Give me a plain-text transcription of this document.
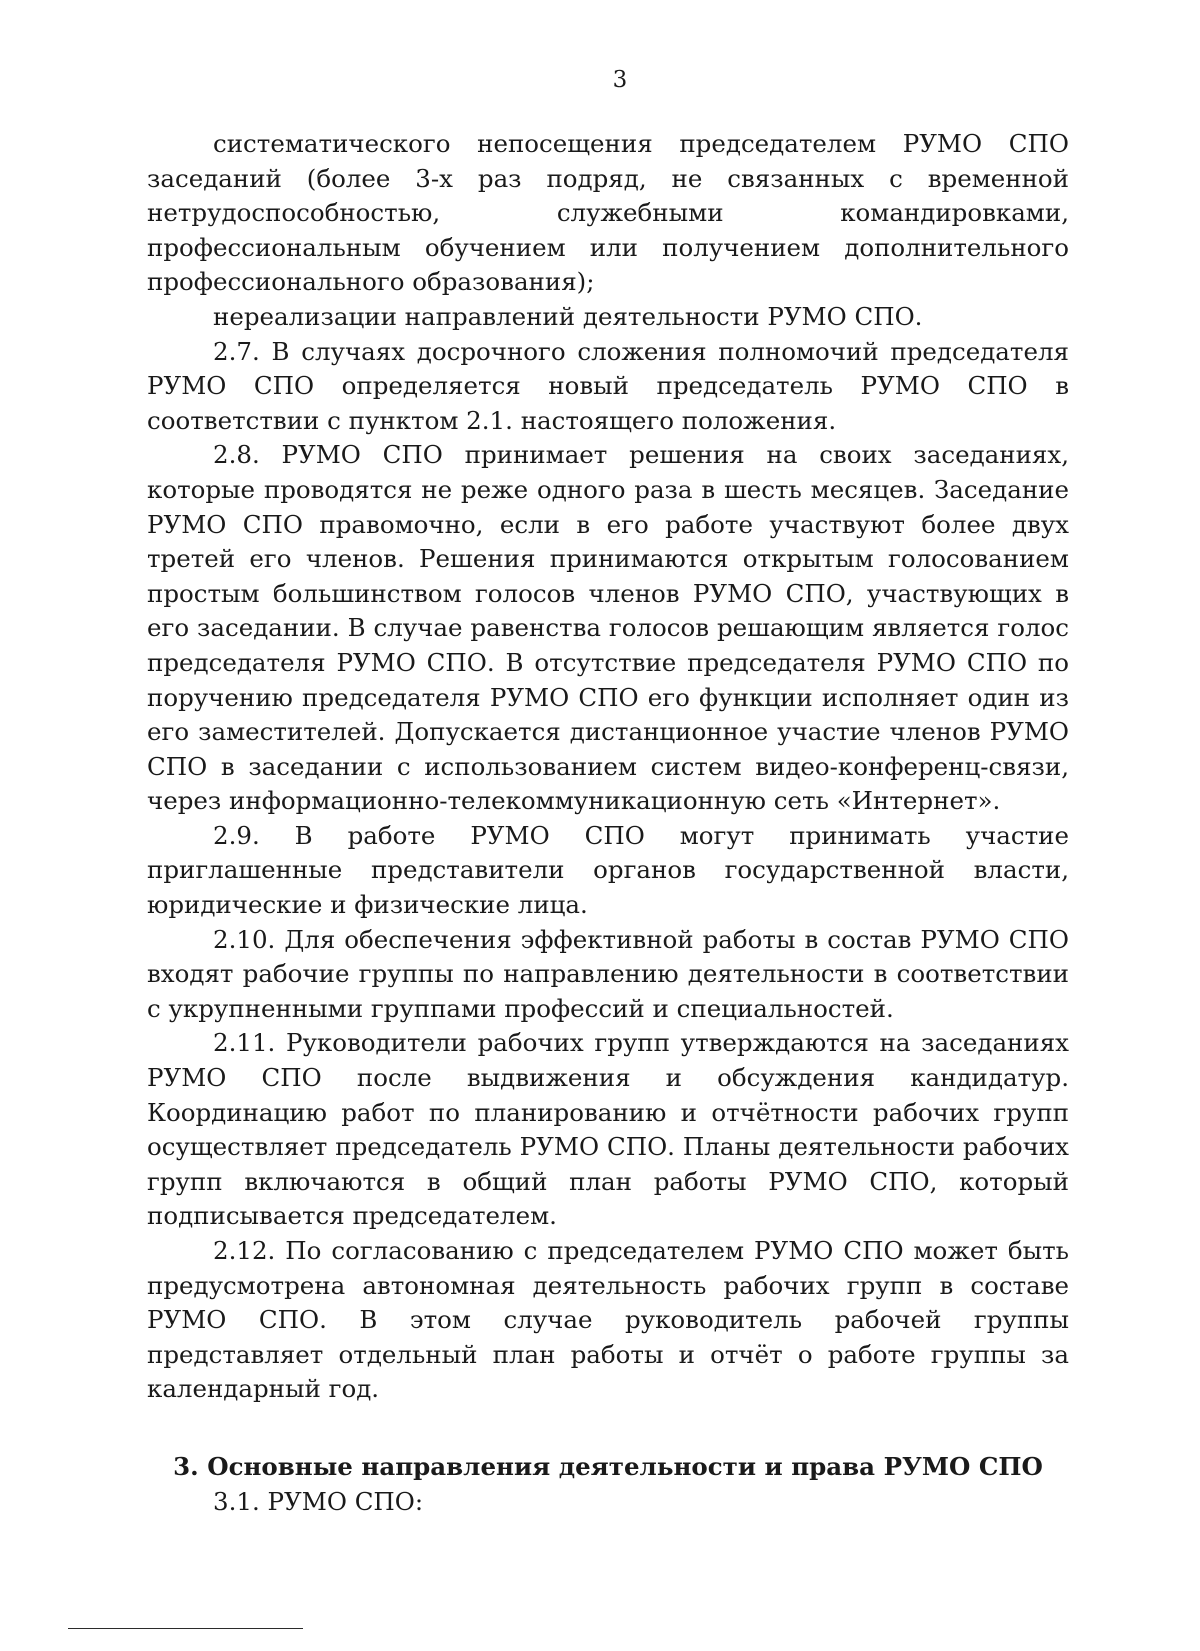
3

систематического непосещения председателем РУМО СПО заседаний (более 3-х раз подряд, не связанных с временной нетрудоспособностью, служебными командировками, профессиональным обучением или получением дополнительного профессионального образования);

нереализации направлений деятельности РУМО СПО.

2.7. В случаях досрочного сложения полномочий председателя РУМО СПО определяется новый председатель РУМО СПО в соответствии с пунктом 2.1. настоящего положения.

2.8. РУМО СПО принимает решения на своих заседаниях, которые проводятся не реже одного раза в шесть месяцев. Заседание РУМО СПО правомочно, если в его работе участвуют более двух третей его членов. Решения принимаются открытым голосованием простым большинством голосов членов РУМО СПО, участвующих в его заседании. В случае равенства голосов решающим является голос председателя РУМО СПО. В отсутствие председателя РУМО СПО по поручению председателя РУМО СПО его функции исполняет один из его заместителей. Допускается дистанционное участие членов РУМО СПО в заседании с использованием систем видео-конференц-связи, через информационно-телекоммуникационную сеть «Интернет».

2.9. В работе РУМО СПО могут принимать участие приглашенные представители органов государственной власти, юридические и физические лица.

2.10. Для обеспечения эффективной работы в состав РУМО СПО входят рабочие группы по направлению деятельности в соответствии с укрупненными группами профессий и специальностей.

2.11. Руководители рабочих групп утверждаются на заседаниях РУМО СПО после выдвижения и обсуждения кандидатур. Координацию работ по планированию и отчётности рабочих групп осуществляет председатель РУМО СПО. Планы деятельности рабочих групп включаются в общий план работы РУМО СПО, который подписывается председателем.

2.12. По согласованию с председателем РУМО СПО может быть предусмотрена автономная деятельность рабочих групп в составе РУМО СПО. В этом случае руководитель рабочей группы представляет отдельный план работы и отчёт о работе группы за календарный год.

3. Основные направления деятельности и права РУМО СПО

3.1. РУМО СПО:
